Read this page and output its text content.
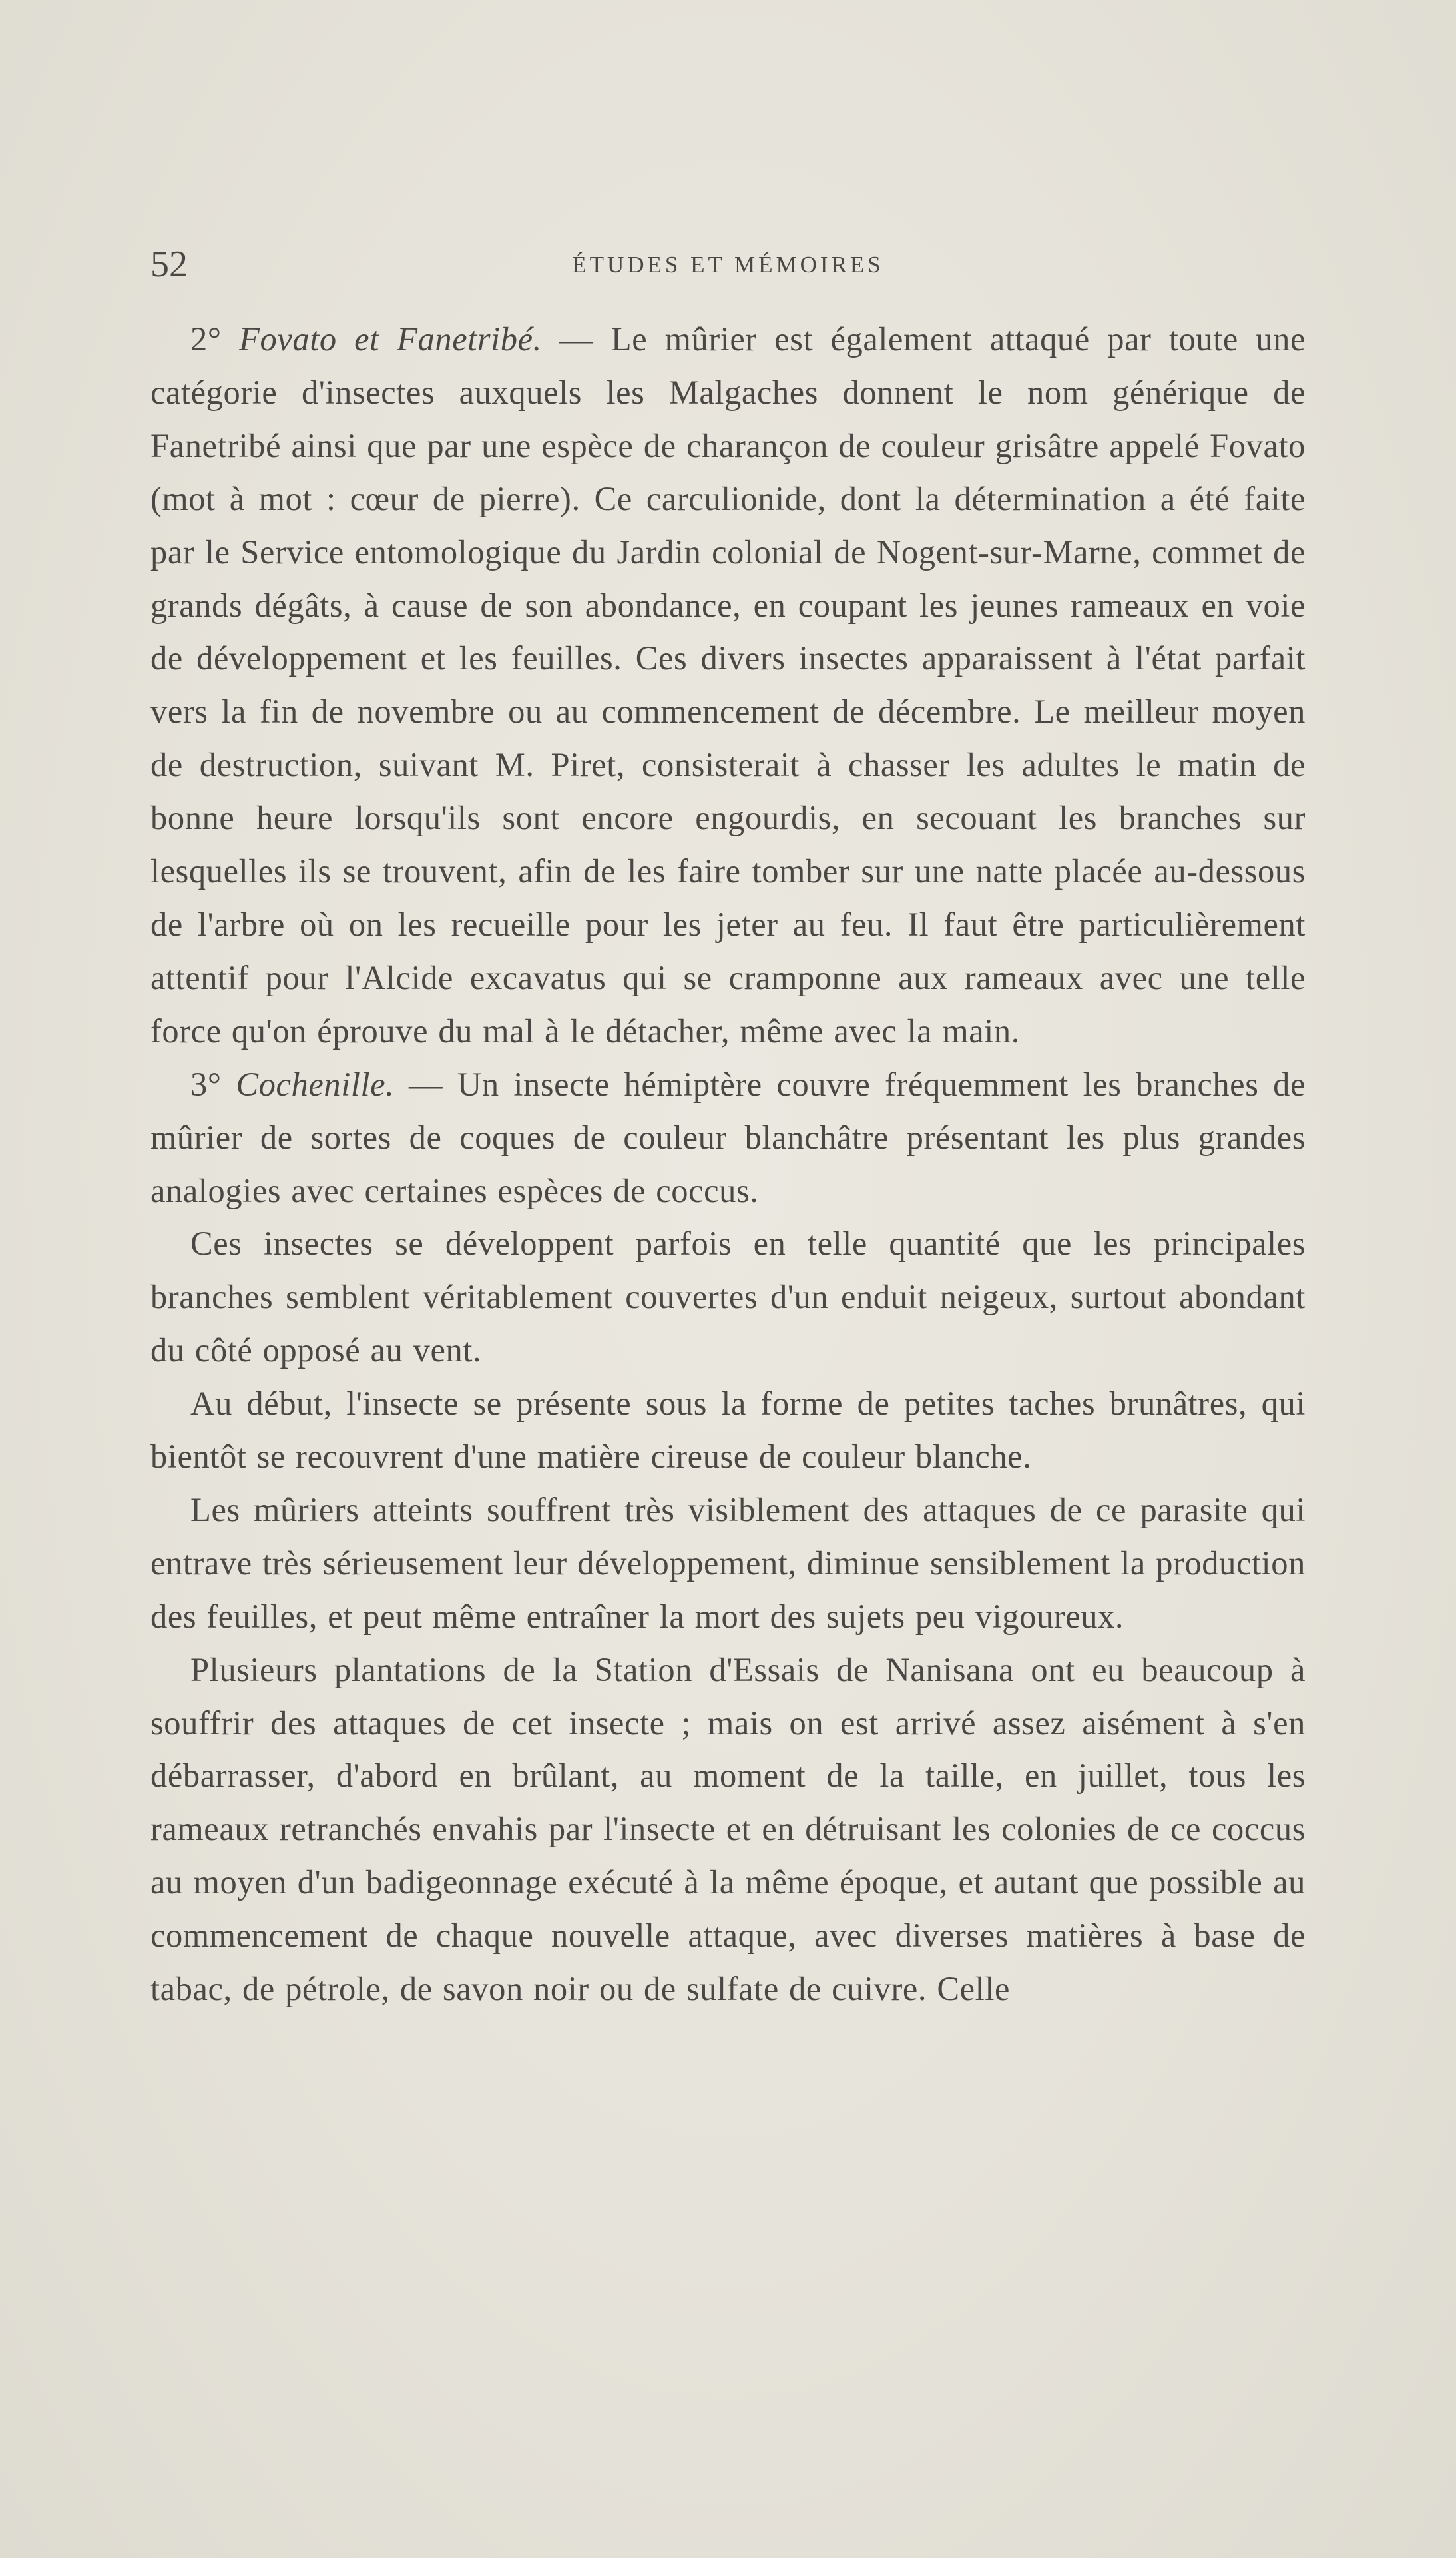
52	ÉTUDES ET MÉMOIRES

2° Fovato et Fanetribé. — Le mûrier est également attaqué par toute une catégorie d'insectes auxquels les Malgaches donnent le nom générique de Fanetribé ainsi que par une espèce de charançon de couleur grisâtre appelé Fovato (mot à mot : cœur de pierre). Ce carculionide, dont la détermination a été faite par le Service entomologique du Jardin colonial de Nogent-sur-Marne, commet de grands dégâts, à cause de son abondance, en coupant les jeunes rameaux en voie de développement et les feuilles. Ces divers insectes apparaissent à l'état parfait vers la fin de novembre ou au commencement de décembre. Le meilleur moyen de destruction, suivant M. Piret, consisterait à chasser les adultes le matin de bonne heure lorsqu'ils sont encore engourdis, en secouant les branches sur lesquelles ils se trouvent, afin de les faire tomber sur une natte placée au-dessous de l'arbre où on les recueille pour les jeter au feu. Il faut être particulièrement attentif pour l'Alcide excavatus qui se cramponne aux rameaux avec une telle force qu'on éprouve du mal à le détacher, même avec la main.

3° Cochenille. — Un insecte hémiptère couvre fréquemment les branches de mûrier de sortes de coques de couleur blanchâtre présentant les plus grandes analogies avec certaines espèces de coccus.

Ces insectes se développent parfois en telle quantité que les principales branches semblent véritablement couvertes d'un enduit neigeux, surtout abondant du côté opposé au vent.

Au début, l'insecte se présente sous la forme de petites taches brunâtres, qui bientôt se recouvrent d'une matière cireuse de couleur blanche.

Les mûriers atteints souffrent très visiblement des attaques de ce parasite qui entrave très sérieusement leur développement, diminue sensiblement la production des feuilles, et peut même entraîner la mort des sujets peu vigoureux.

Plusieurs plantations de la Station d'Essais de Nanisana ont eu beaucoup à souffrir des attaques de cet insecte ; mais on est arrivé assez aisément à s'en débarrasser, d'abord en brûlant, au moment de la taille, en juillet, tous les rameaux retranchés envahis par l'insecte et en détruisant les colonies de ce coccus au moyen d'un badigeonnage exécuté à la même époque, et autant que possible au commencement de chaque nouvelle attaque, avec diverses matières à base de tabac, de pétrole, de savon noir ou de sulfate de cuivre. Celle
